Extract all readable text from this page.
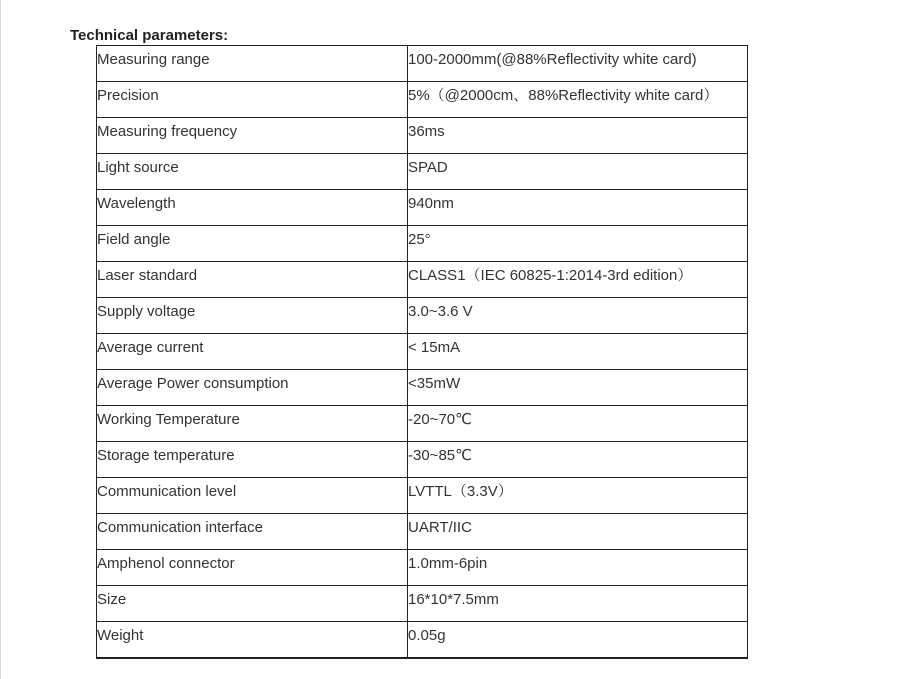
Technical parameters:
Measuring range	100-2000mm(@88%Reflectivity white card)

Precision	5%（@2000cm、88%Reflectivity white card）

Measuring frequency	36ms

Light source	SPAD

Wavelength	940nm

Field angle	25°

Laser standard	CLASS1（IEC 60825-1:2014-3rd edition）

Supply voltage	3.0~3.6 V

Average current	< 15mA

Average Power consumption	<35mW

Working Temperature	-20~70℃

Storage temperature	-30~85℃

Communication level	LVTTL（3.3V）

Communication interface	UART/IIC

Amphenol connector	1.0mm-6pin

Size	16*10*7.5mm

Weight	0.05g
